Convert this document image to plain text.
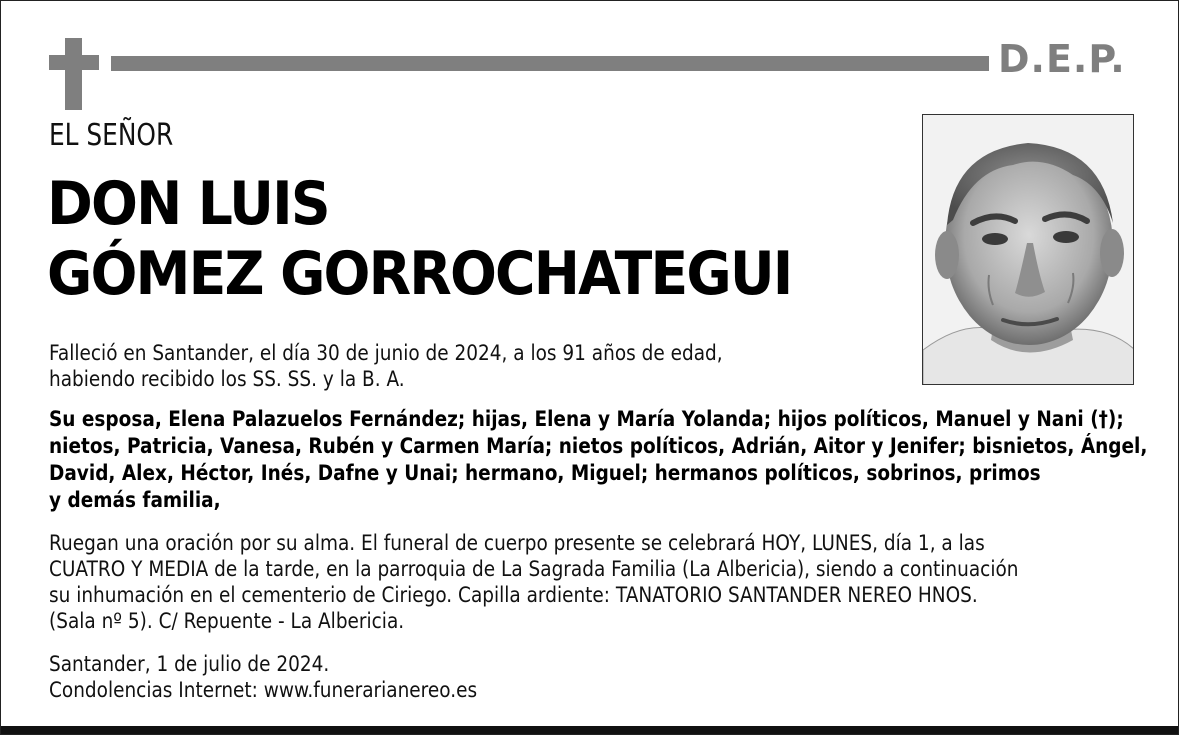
D.E.P.
EL SEÑOR
DON LUIS
GÓMEZ GORROCHATEGUI
Falleció en Santander, el día 30 de junio de 2024, a los 91 años de edad,
habiendo recibido los SS. SS. y la B. A.
Su esposa, Elena Palazuelos Fernández; hijas, Elena y María Yolanda; hijos políticos, Manuel y Nani (†);
nietos, Patricia, Vanesa, Rubén y Carmen María; nietos políticos, Adrián, Aitor y Jenifer; bisnietos, Ángel,
David, Alex, Héctor, Inés, Dafne y Unai; hermano, Miguel; hermanos políticos, sobrinos, primos
y demás familia,
Ruegan una oración por su alma. El funeral de cuerpo presente se celebrará HOY, LUNES, día 1, a las
CUATRO Y MEDIA de la tarde, en la parroquia de La Sagrada Familia (La Albericia), siendo a continuación
su inhumación en el cementerio de Ciriego. Capilla ardiente: TANATORIO SANTANDER NEREO HNOS.
(Sala nº 5). C/ Repuente - La Albericia.
Santander, 1 de julio de 2024.
Condolencias Internet: www.funerarianereo.es
